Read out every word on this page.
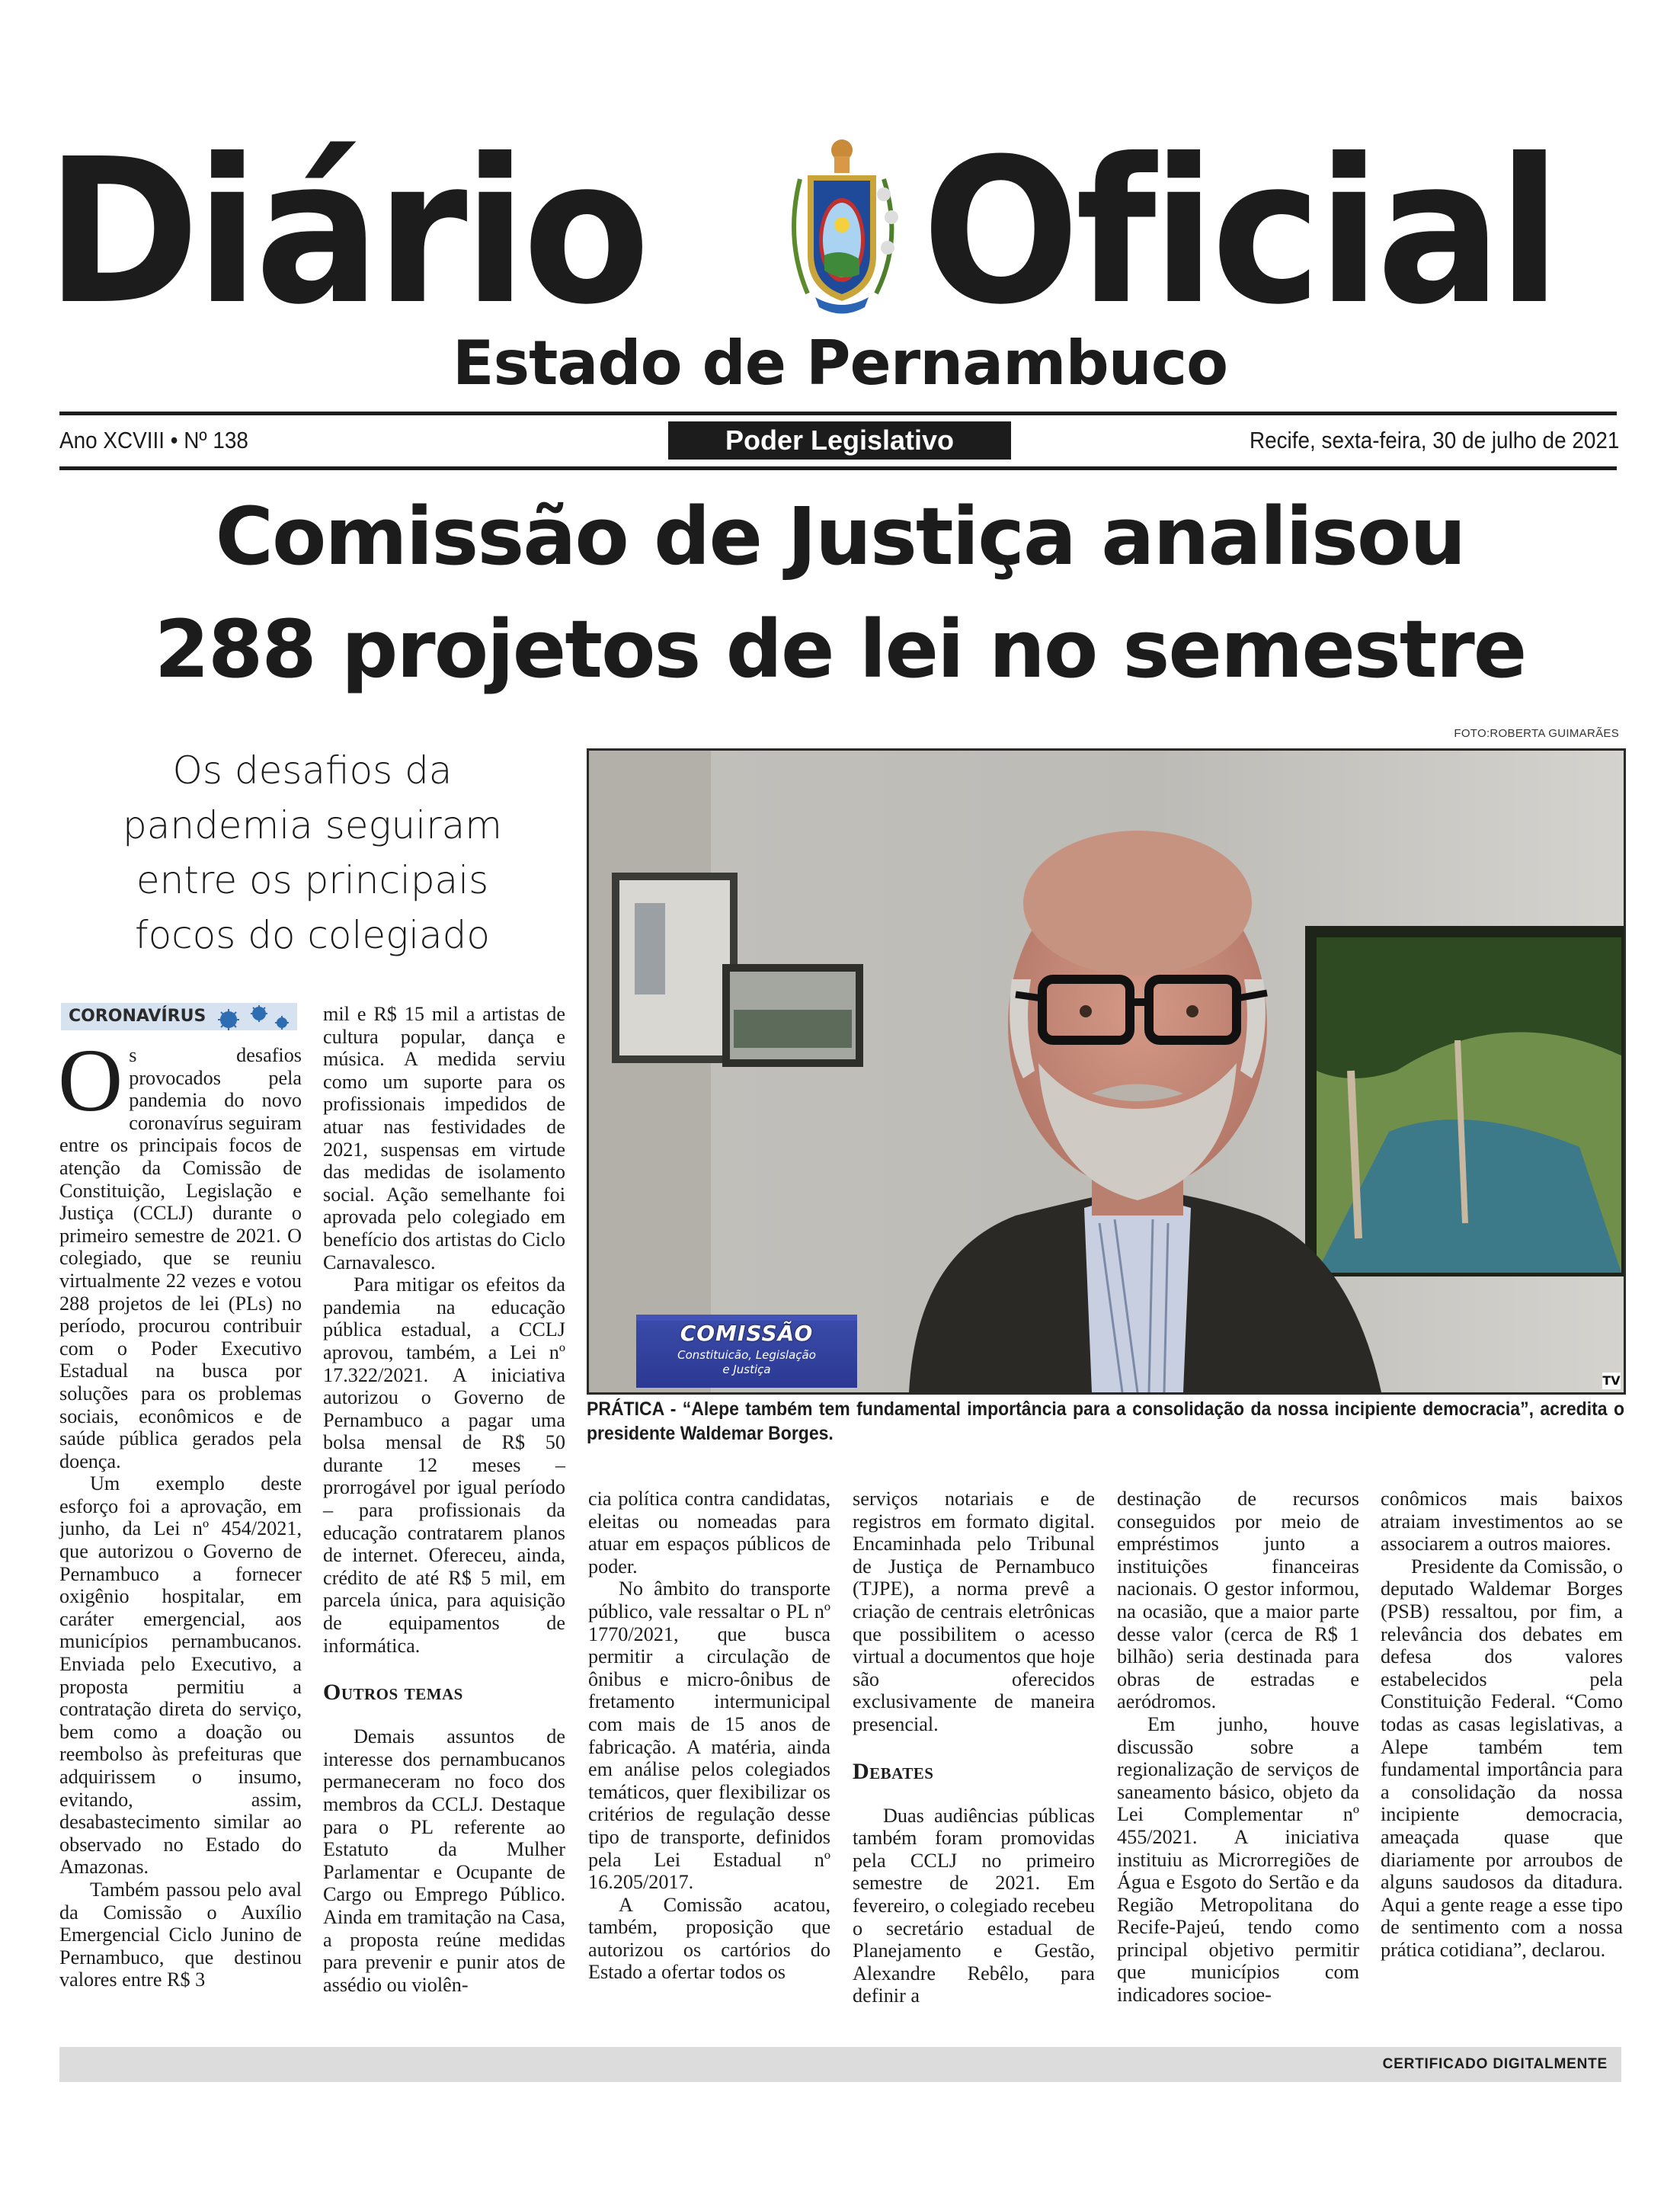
Diário Oficial
Estado de Pernambuco
Ano XCVIII • Nº 138	Poder Legislativo	Recife, sexta-feira, 30 de julho de 2021
Comissão de Justiça analisou
288 projetos de lei no semestre
Os desafios da
pandemia seguiram
entre os principais
focos do colegiado
FOTO:ROBERTA GUIMARÃES
COMISSÃO
Constituicão, Legislação
e Justiça
TV
PRÁTICA - “Alepe também tem fundamental importância para a consolidação da nossa incipiente democracia”, acredita o presidente Waldemar Borges.
CORONAVÍRUS

Os desafios provocados pela pandemia do novo coronavírus seguiram entre os principais focos de atenção da Comissão de Constituição, Legislação e Justiça (CCLJ) durante o primeiro semestre de 2021. O colegiado, que se reuniu virtualmente 22 vezes e votou 288 projetos de lei (PLs) no período, procurou contribuir com o Poder Executivo Estadual na busca por soluções para os problemas sociais, econômicos e de saúde pública gerados pela doença.

Um exemplo deste esforço foi a aprovação, em junho, da Lei nº 454/2021, que autorizou o Governo de Pernambuco a fornecer oxigênio hospitalar, em caráter emergencial, aos municípios pernambucanos. Enviada pelo Executivo, a proposta permitiu a contratação direta do serviço, bem como a doação ou reembolso às prefeituras que adquirissem o insumo, evitando, assim, desabastecimento similar ao observado no Estado do Amazonas.

Também passou pelo aval da Comissão o Auxílio Emergencial Ciclo Junino de Pernambuco, que destinou valores entre R$ 3

mil e R$ 15 mil a artistas de cultura popular, dança e música. A medida serviu como um suporte para os profissionais impedidos de atuar nas festividades de 2021, suspensas em virtude das medidas de isolamento social. Ação semelhante foi aprovada pelo colegiado em benefício dos artistas do Ciclo Carnavalesco.

Para mitigar os efeitos da pandemia na educação pública estadual, a CCLJ aprovou, também, a Lei nº 17.322/2021. A iniciativa autorizou o Governo de Pernambuco a pagar uma bolsa mensal de R$ 50 durante 12 meses – prorrogável por igual período – para profissionais da educação contratarem planos de internet. Ofereceu, ainda, crédito de até R$ 5 mil, em parcela única, para aquisição de equipamentos de informática.

Outros temas

Demais assuntos de interesse dos pernambucanos permaneceram no foco dos membros da CCLJ. Destaque para o PL referente ao Estatuto da Mulher Parlamentar e Ocupante de Cargo ou Emprego Público. Ainda em tramitação na Casa, a proposta reúne medidas para prevenir e punir atos de assédio ou violên-

cia política contra candidatas, eleitas ou nomeadas para atuar em espaços públicos de poder.

No âmbito do transporte público, vale ressaltar o PL nº 1770/2021, que busca permitir a circulação de ônibus e micro-ônibus de fretamento intermunicipal com mais de 15 anos de fabricação. A matéria, ainda em análise pelos colegiados temáticos, quer flexibilizar os critérios de regulação desse tipo de transporte, definidos pela Lei Estadual nº 16.205/2017.

A Comissão acatou, também, proposição que autorizou os cartórios do Estado a ofertar todos os

serviços notariais e de registros em formato digital. Encaminhada pelo Tribunal de Justiça de Pernambuco (TJPE), a norma prevê a criação de centrais eletrônicas que possibilitem o acesso virtual a documentos que hoje são oferecidos exclusivamente de maneira presencial.

Debates

Duas audiências públicas também foram promovidas pela CCLJ no primeiro semestre de 2021. Em fevereiro, o colegiado recebeu o secretário estadual de Planejamento e Gestão, Alexandre Rebêlo, para definir a

destinação de recursos conseguidos por meio de empréstimos junto a instituições financeiras nacionais. O gestor informou, na ocasião, que a maior parte desse valor (cerca de R$ 1 bilhão) seria destinada para obras de estradas e aeródromos.

Em junho, houve discussão sobre a regionalização de serviços de saneamento básico, objeto da Lei Complementar nº 455/2021. A iniciativa instituiu as Microrregiões de Água e Esgoto do Sertão e da Região Metropolitana do Recife-Pajeú, tendo como principal objetivo permitir que municípios com indicadores socioe-

conômicos mais baixos atraiam investimentos ao se associarem a outros maiores.

Presidente da Comissão, o deputado Waldemar Borges (PSB) ressaltou, por fim, a relevância dos debates em defesa dos valores estabelecidos pela Constituição Federal. “Como todas as casas legislativas, a Alepe também tem fundamental importância para a consolidação da nossa incipiente democracia, ameaçada quase que diariamente por arroubos de alguns saudosos da ditadura. Aqui a gente reage a esse tipo de sentimento com a nossa prática cotidiana”, declarou.

CERTIFICADO DIGITALMENTE
